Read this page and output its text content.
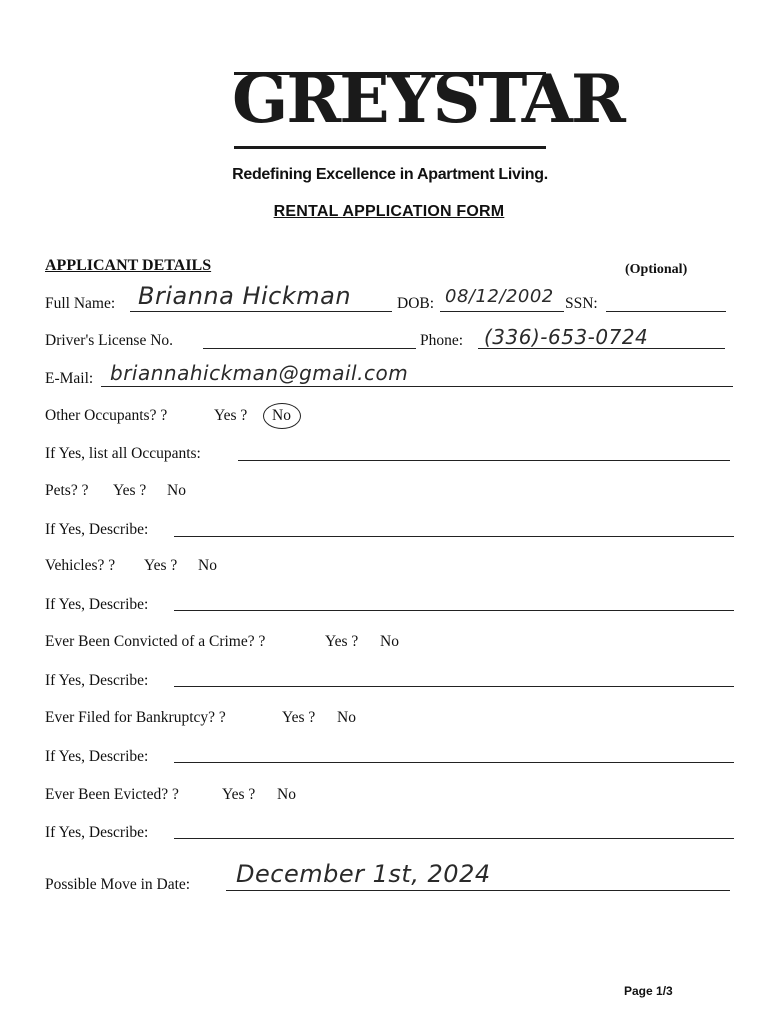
GREYSTAR
Redefining Excellence in Apartment Living.
RENTAL APPLICATION FORM
APPLICANT DETAILS	(Optional)
Full Name: Brianna Hickman	DOB: 08/12/2002 SSN:
Driver's License No.	Phone: (336)-653-0724
E-Mail: briannahickman@gmail.com
Other Occupants? ?	Yes ? No
If Yes, list all Occupants:
Pets? ? Yes ? No
If Yes, Describe:
Vehicles? ? Yes ? No
If Yes, Describe:
Ever Been Convicted of a Crime? ?	Yes ? No
If Yes, Describe:
Ever Filed for Bankruptcy? ?	Yes ? No
If Yes, Describe:
Ever Been Evicted? ?	Yes ? No
If Yes, Describe:
Possible Move in Date: December 1st, 2024
Page 1/3
